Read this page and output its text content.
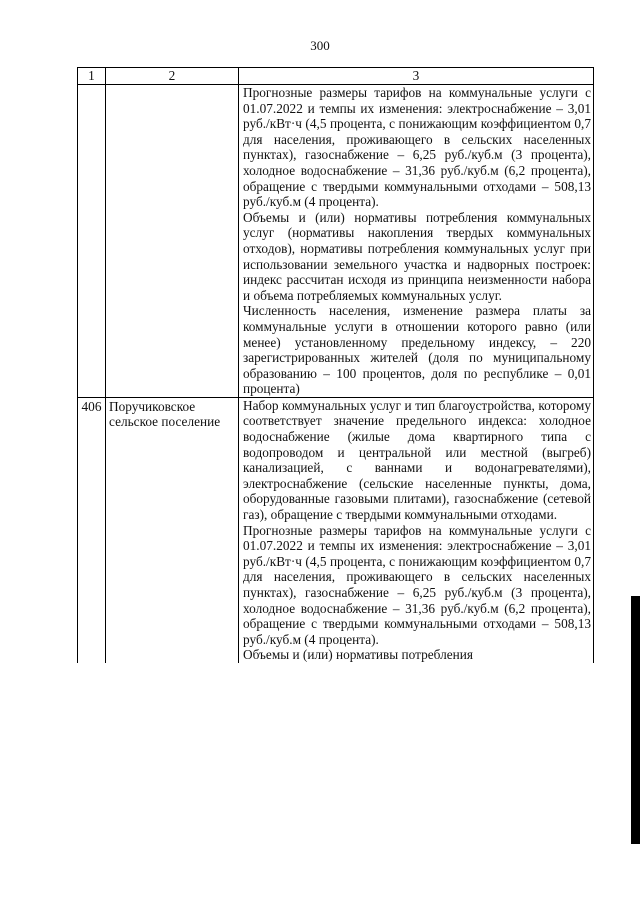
300
1	2	3

		Прогнозные размеры тарифов на коммунальные услуги с 01.07.2022 и темпы их изменения: электроснабжение – 3,01 руб./кВт·ч (4,5 процента, с понижающим коэффициентом 0,7 для населения, проживающего в сельских населенных пунктах), газоснабжение – 6,25 руб./куб.м (3 процента), холодное водоснабжение – 31,36 руб./куб.м (6,2 процента), обращение с твердыми коммунальными отходами – 508,13 руб./куб.м (4 процента).

Объемы и (или) нормативы потребления коммунальных услуг (нормативы накопления твердых коммунальных отходов), нормативы потребления коммунальных услуг при использовании земельного участка и надворных построек: индекс рассчитан исходя из принципа неизменности набора и объема потребляемых коммунальных услуг.

Численность населения, изменение размера платы за коммунальные услуги в отношении которого равно (или менее) установленному предельному индексу, – 220 зарегистрированных жителей (доля по муниципальному образованию – 100 процентов, доля по республике – 0,01 процента)

406	Поручиковское сельское поселение	Набор коммунальных услуг и тип благоустройства, которому соответствует значение предельного индекса: холодное водоснабжение (жилые дома квартирного типа с водопроводом и центральной или местной (выгреб) канализацией, с ваннами и водонагревателями), электроснабжение (сельские населенные пункты, дома, оборудованные газовыми плитами), газоснабжение (сетевой газ), обращение с твердыми коммунальными отходами.

Прогнозные размеры тарифов на коммунальные услуги с 01.07.2022 и темпы их изменения: электроснабжение – 3,01 руб./кВт·ч (4,5 процента, с понижающим коэффициентом 0,7 для населения, проживающего в сельских населенных пунктах), газоснабжение – 6,25 руб./куб.м (3 процента), холодное водоснабжение – 31,36 руб./куб.м (6,2 процента), обращение с твердыми коммунальными отходами – 508,13 руб./куб.м (4 процента).

Объемы и (или) нормативы потребления
